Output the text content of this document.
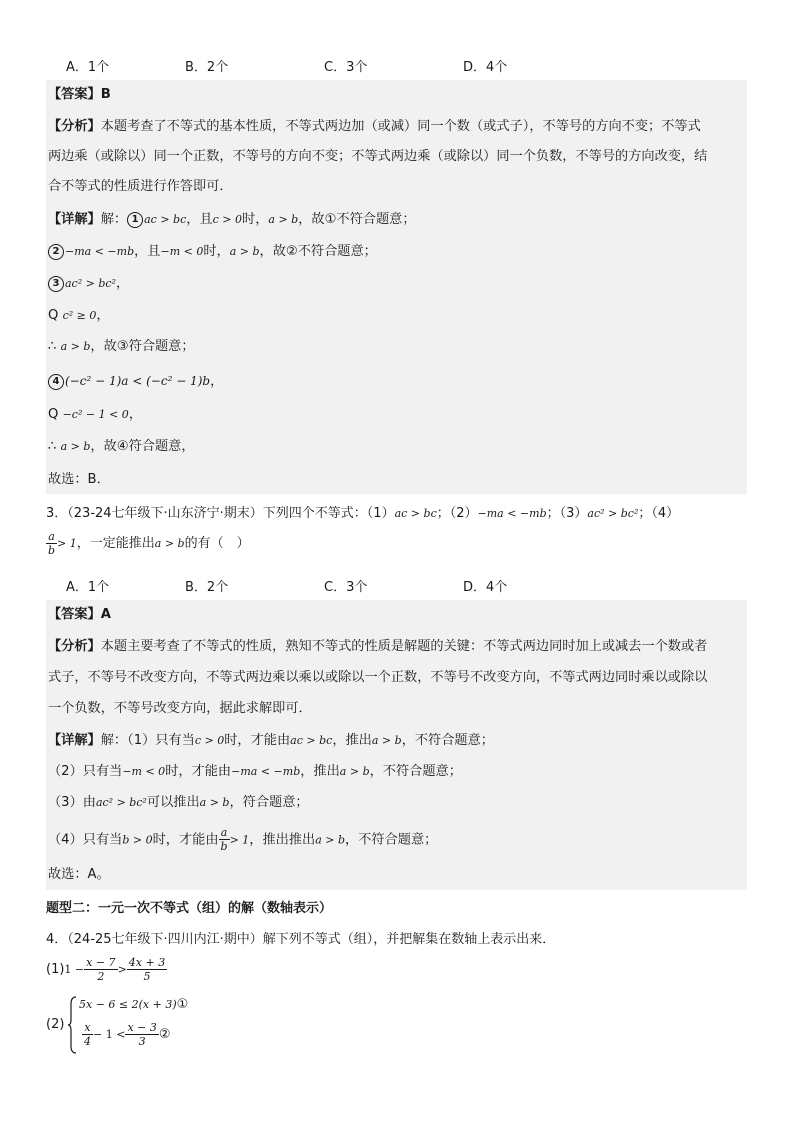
A．1个	B．2个	C．3个	D．4个
【答案】B
【分析】本题考查了不等式的基本性质，不等式两边加（或减）同一个数（或式子），不等号的方向不变；不等式
两边乘（或除以）同一个正数，不等号的方向不变；不等式两边乘（或除以）同一个负数，不等号的方向改变，结
合不等式的性质进行作答即可．
【详解】解： 1 ac > bc，且c > 0时，a > b，故①不符合题意；
2 −ma < −mb，且−m < 0时，a > b，故②不符合题意；
3 ac² > bc²，
Q c² ≥ 0，
∴ a > b，故③符合题意；
4 (−c² − 1)a < (−c² − 1)b，
Q −c² − 1 < 0，
∴ a > b，故④符合题意，
故选：B．
3．（23-24七年级下·山东济宁·期末）下列四个不等式：（1）ac > bc；（2）−ma < −mb；（3）ac² > bc²；（4）
$\frac{a}{b} > 1$，一定能推出a > b的有（　）
A．1个	B．2个	C．3个	D．4个
【答案】A
【分析】本题主要考查了不等式的性质，熟知不等式的性质是解题的关键：不等式两边同时加上或减去一个数或者
式子，不等号不改变方向，不等式两边乘以乘以或除以一个正数，不等号不改变方向，不等式两边同时乘以或除以
一个负数，不等号改变方向，据此求解即可．
【详解】解：（1）只有当c > 0时，才能由ac > bc，推出a > b，不符合题意；
（2）只有当−m < 0时，才能由−ma < −mb，推出a > b，不符合题意；
（3）由ac² > bc²可以推出a > b，符合题意；
（4）只有当b > 0时，才能由 $\frac{a}{b} > 1$，推出推出a > b，不符合题意；
故选：A。
题型二：一元一次不等式（组）的解（数轴表示）
4．（24-25七年级下·四川内江·期中）解下列不等式（组），并把解集在数轴上表示出来．
$(1)1 - \frac{x - 7}{2} > \frac{4x + 3}{5}$
(2)
5x − 6 ≤ 2(x + 3)①
$\frac{x}{4} - 1 < \frac{x - 3}{3}$ ②
